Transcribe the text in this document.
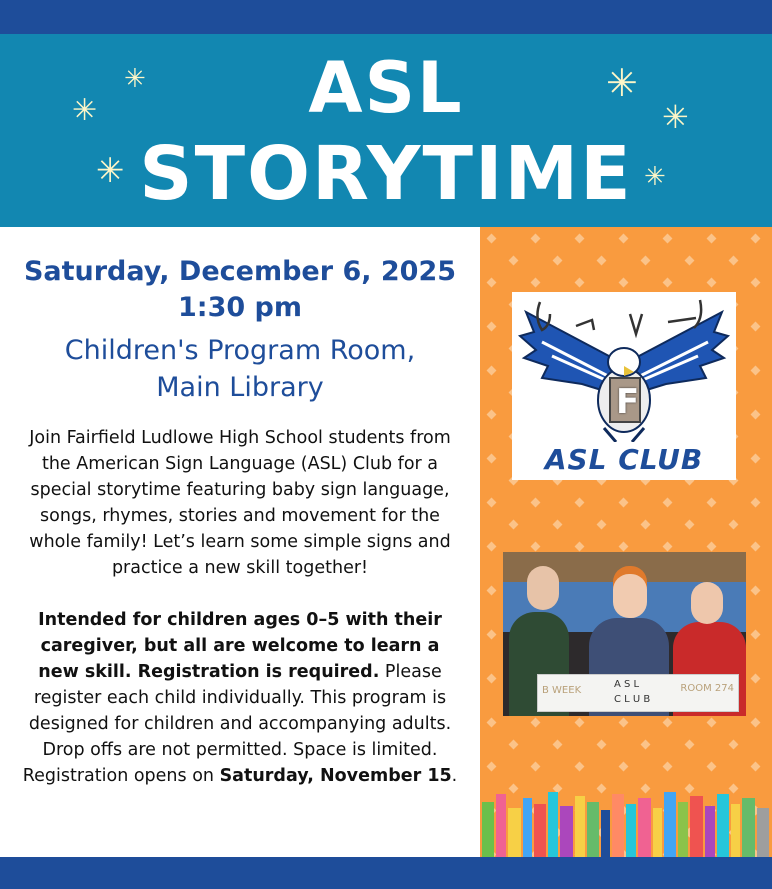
ASL
STORYTIME
✳
✳
✳
✳
✳
✳
Saturday, December 6, 2025
1:30 pm
Children's Program Room,
Main Library
Join Fairfield Ludlowe High School students from the American Sign Language (ASL) Club for a special storytime featuring baby sign language, songs, rhymes, stories and movement for the whole family! Let’s learn some simple signs and practice a new skill together!
Intended for children ages 0–5 with their caregiver, but all are welcome to learn a new skill. Registration is required. Please register each child individually. This program is designed for children and accompanying adults. Drop offs are not permitted. Space is limited. Registration opens on Saturday, November 15.
F
ASL CLUB
B WEEK
A S L
C L U B
ROOM 274
